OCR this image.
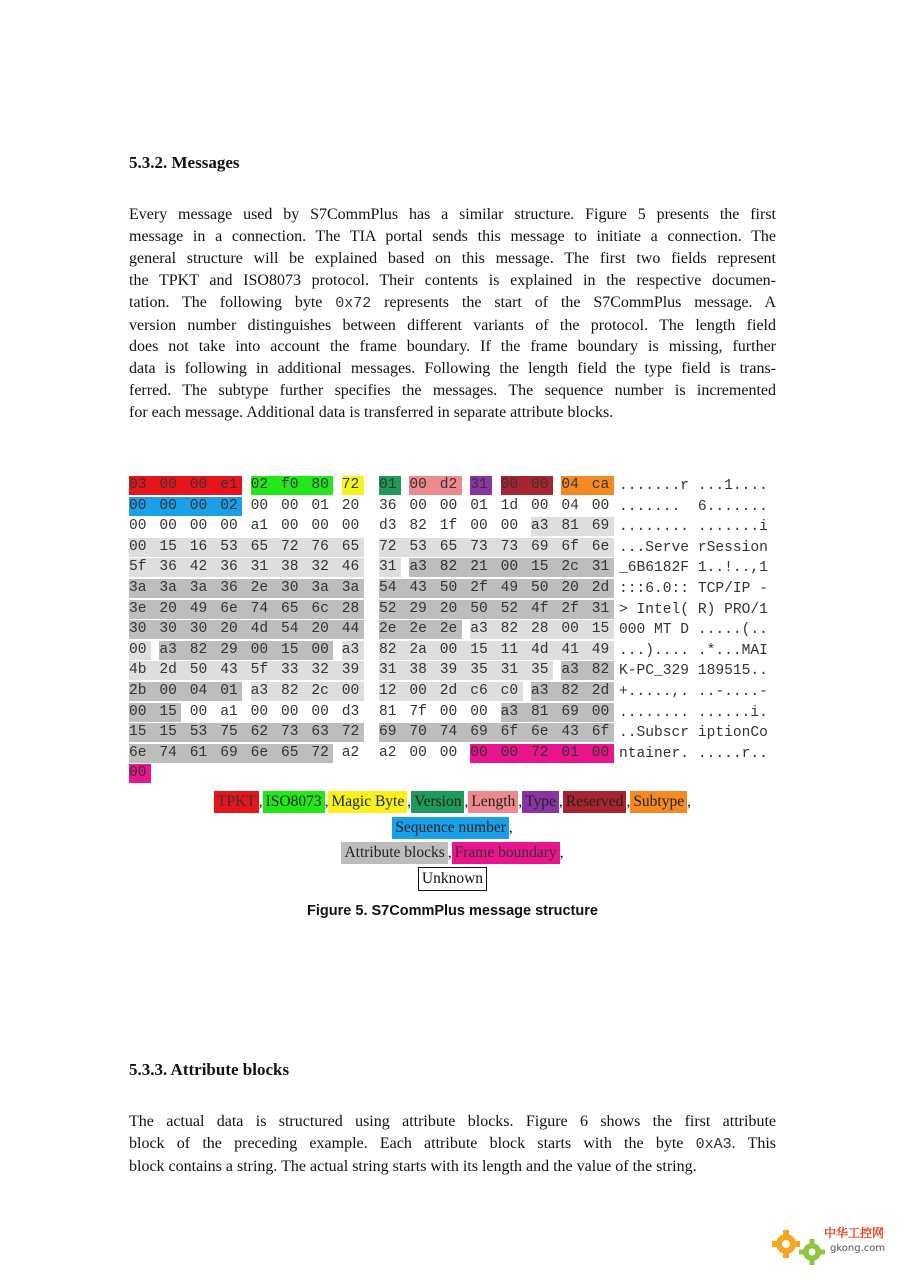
5.3.2. Messages
Every message used by S7CommPlus has a similar structure. Figure 5 presents the first
message in a connection. The TIA portal sends this message to initiate a connection. The
general structure will be explained based on this message. The first two fields represent
the TPKT and ISO8073 protocol. Their contents is explained in the respective documen-
tation. The following byte 0x72 represents the start of the S7CommPlus message. A
version number distinguishes between different variants of the protocol. The length field
does not take into account the frame boundary. If the frame boundary is missing, further
data is following in additional messages. Following the length field the type field is trans-
ferred. The subtype further specifies the messages. The sequence number is incremented
for each message. Additional data is transferred in separate attribute blocks.
03 00 00 e1 02 f0 80 72	01 00 d2 31 00 00 04 ca .......r ...1....
00 00 00 02 00 00 01 20	36 00 00 01 1d 00 04 00 .......  6.......
00 00 00 00 a1 00 00 00	d3 82 1f 00 00 a3 81 69 ........ .......i
00 15 16 53 65 72 76 65	72 53 65 73 73 69 6f 6e ...Serve rSession
5f 36 42 36 31 38 32 46	31 a3 82 21 00 15 2c 31 _6B6182F 1..!..,1
3a 3a 3a 36 2e 30 3a 3a	54 43 50 2f 49 50 20 2d :::6.0:: TCP/IP -
3e 20 49 6e 74 65 6c 28	52 29 20 50 52 4f 2f 31 > Intel( R) PRO/1
30 30 30 20 4d 54 20 44	2e 2e 2e a3 82 28 00 15 000 MT D .....(..
00 a3 82 29 00 15 00 a3	82 2a 00 15 11 4d 41 49 ...).... .*...MAI
4b 2d 50 43 5f 33 32 39	31 38 39 35 31 35 a3 82 K-PC_329 189515..
2b 00 04 01 a3 82 2c 00	12 00 2d c6 c0 a3 82 2d +.....,. ..-....-
00 15 00 a1 00 00 00 d3	81 7f 00 00 a3 81 69 00 ........ ......i.
15 15 53 75 62 73 63 72	69 70 74 69 6f 6e 43 6f ..Subscr iptionCo
6e 74 61 69 6e 65 72 a2	a2 00 00 00 00 72 01 00 ntainer. .....r..
00
TPKT , ISO8073 , Magic Byte , Version , Length , Type , Reserved , Subtype ,
Sequence number ,
Attribute blocks , Frame boundary ,
Unknown
Figure 5. S7CommPlus message structure
5.3.3. Attribute blocks
The actual data is structured using attribute blocks. Figure 6 shows the first attribute
block of the preceding example. Each attribute block starts with the byte 0xA3. This
block contains a string. The actual string starts with its length and the value of the string.
中华工控网
gkong.com
